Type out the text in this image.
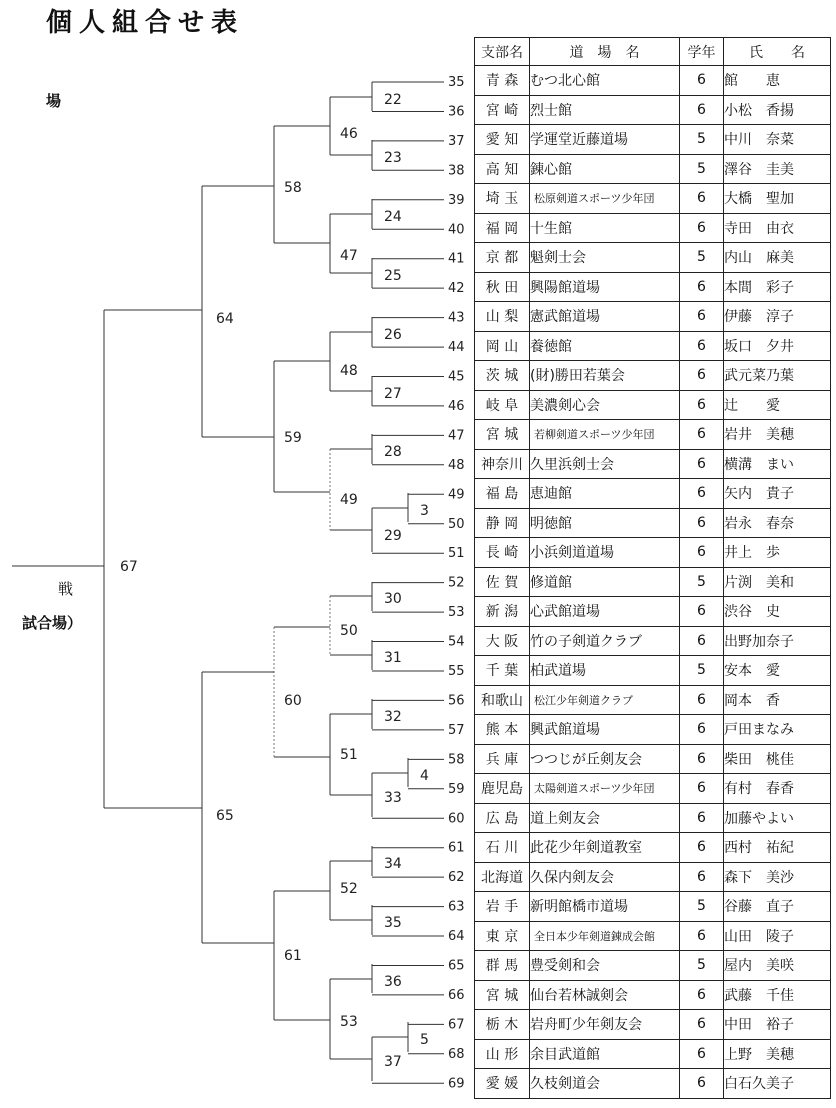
個人組合せ表
場
戦
試合場）
35
36
37
38
39
40
41
42
43
44
45
46
47
48
49
50
51
52
53
54
55
56
57
58
59
60
61
62
63
64
65
66
67
68
69
22
23
24
25
26
27
28
3
29
30
31
32
4
33
34
35
36
5
37
46
47
48
49
50
51
52
53
58
59
60
61
64
65
67
支部名	道　場　名	学年	氏　　名
青 森	むつ北心館	6	館　　恵
宮 崎	烈士館	6	小松　香揚
愛 知	学運堂近藤道場	5	中川　奈菜
高 知	錬心館	5	澤谷　圭美
埼 玉	松原剣道スポーツ少年団	6	大橋　聖加
福 岡	十生館	6	寺田　由衣
京 都	魁剣士会	5	内山　麻美
秋 田	興陽館道場	6	本間　彩子
山 梨	憲武館道場	6	伊藤　淳子
岡 山	養徳館	6	坂口　夕井
茨 城	(財)勝田若葉会	6	武元菜乃葉
岐 阜	美濃剣心会	6	辻　　愛
宮 城	若柳剣道スポーツ少年団	6	岩井　美穂
神奈川	久里浜剣士会	6	横溝　まい
福 島	恵迪館	6	矢内　貴子
静 岡	明徳館	6	岩永　春奈
長 崎	小浜剣道道場	6	井上　歩
佐 賀	修道館	5	片渕　美和
新 潟	心武館道場	6	渋谷　史
大 阪	竹の子剣道クラブ	6	出野加奈子
千 葉	柏武道場	5	安本　愛
和歌山	松江少年剣道クラブ	6	岡本　香
熊 本	興武館道場	6	戸田まなみ
兵 庫	つつじが丘剣友会	6	柴田　桃佳
鹿児島	太陽剣道スポーツ少年団	6	有村　春香
広 島	道上剣友会	6	加藤やよい
石 川	此花少年剣道教室	6	西村　祐紀
北海道	久保内剣友会	6	森下　美沙
岩 手	新明館橋市道場	5	谷藤　直子
東 京	全日本少年剣道錬成会館	6	山田　陵子
群 馬	豊受剣和会	5	屋内　美咲
宮 城	仙台若林誠剣会	6	武藤　千佳
栃 木	岩舟町少年剣友会	6	中田　裕子
山 形	余目武道館	6	上野　美穂
愛 媛	久枝剣道会	6	白石久美子
